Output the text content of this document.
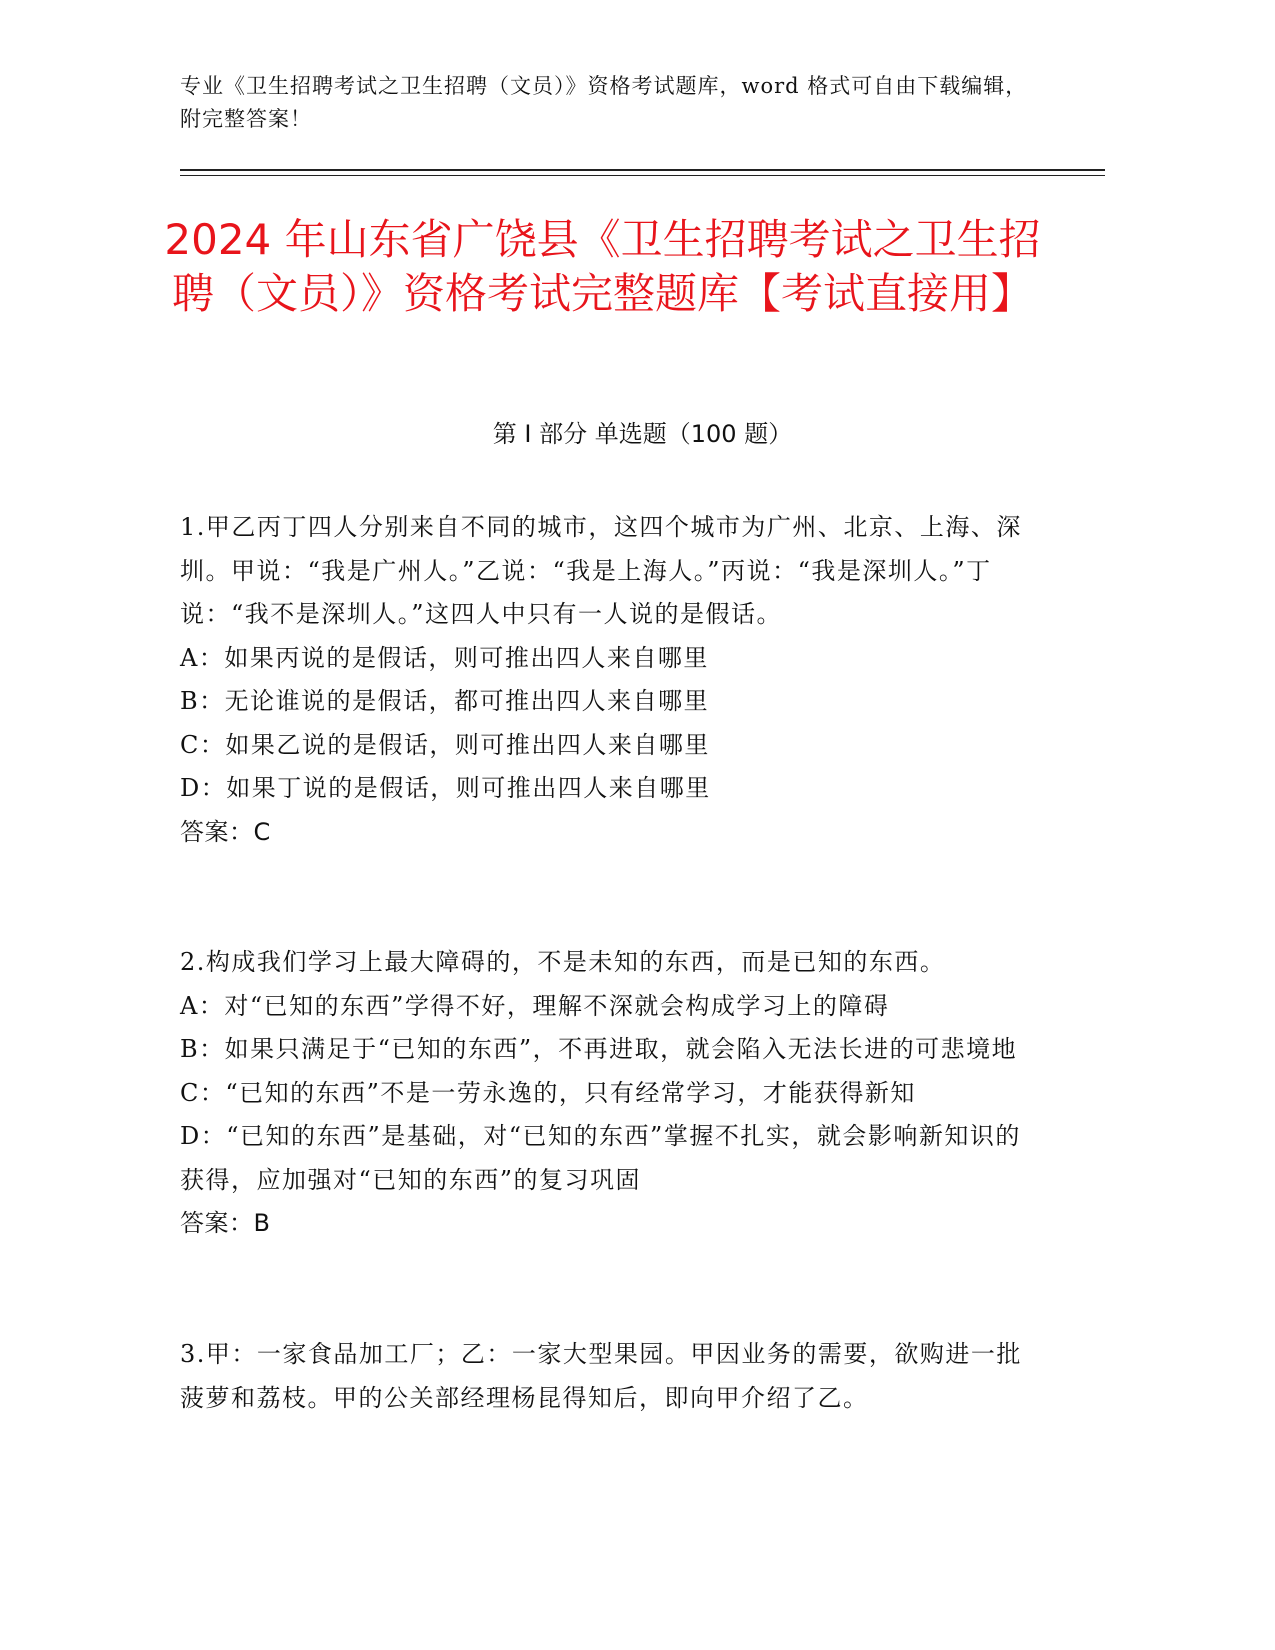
专业《卫生招聘考试之卫生招聘（文员）》资格考试题库，word 格式可自由下载编辑，附完整答案！
2024 年山东省广饶县《卫生招聘考试之卫生招聘（文员）》资格考试完整题库【考试直接用】
第 I 部分 单选题（100 题）

1.甲乙丙丁四人分别来自不同的城市，这四个城市为广州、北京、上海、深圳。甲说：“我是广州人。”乙说：“我是上海人。”丙说：“我是深圳人。”丁说：“我不是深圳人。”这四人中只有一人说的是假话。

A：如果丙说的是假话，则可推出四人来自哪里

B：无论谁说的是假话，都可推出四人来自哪里

C：如果乙说的是假话，则可推出四人来自哪里

D：如果丁说的是假话，则可推出四人来自哪里

答案：C

2.构成我们学习上最大障碍的，不是未知的东西，而是已知的东西。

A：对“已知的东西”学得不好，理解不深就会构成学习上的障碍

B：如果只满足于“已知的东西”，不再进取，就会陷入无法长进的可悲境地

C：“已知的东西”不是一劳永逸的，只有经常学习，才能获得新知

D：“已知的东西”是基础，对“已知的东西”掌握不扎实，就会影响新知识的获得，应加强对“已知的东西”的复习巩固

答案：B

3.甲：一家食品加工厂；乙：一家大型果园。甲因业务的需要，欲购进一批菠萝和荔枝。甲的公关部经理杨昆得知后，即向甲介绍了乙。
